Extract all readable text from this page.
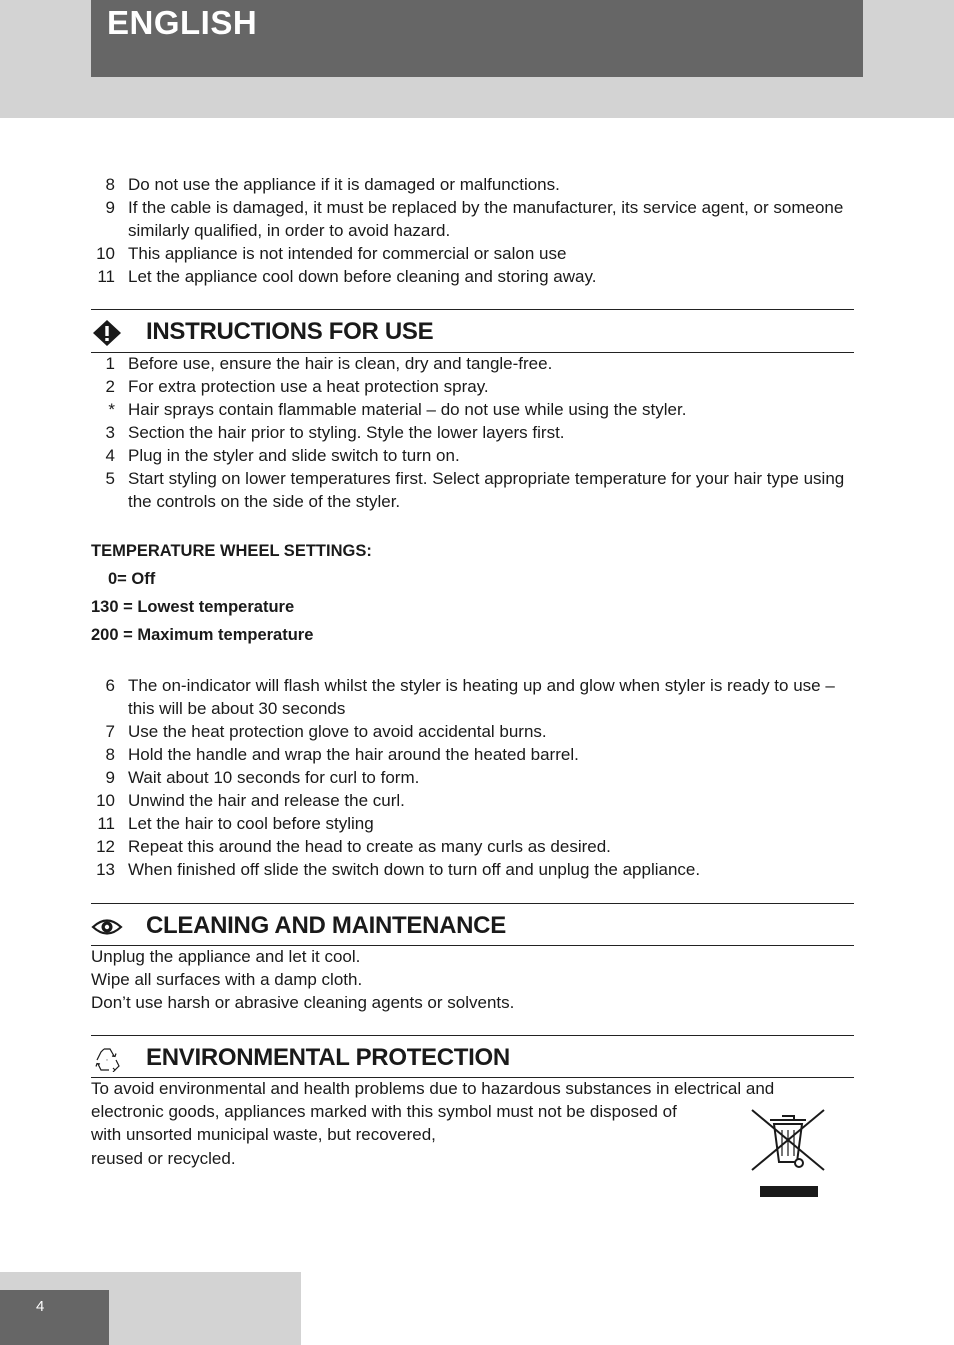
ENGLISH
8 Do not use the appliance if it is damaged or malfunctions.
9 If the cable is damaged, it must be replaced by the manufacturer, its service agent, or someone similarly qualified, in order to avoid hazard.
10 This appliance is not intended for commercial or salon use
11 Let the appliance cool down before cleaning and storing away.
INSTRUCTIONS FOR USE
1 Before use, ensure the hair is clean, dry and tangle-free.
2 For extra protection use a heat protection spray.
* Hair sprays contain flammable material – do not use while using the styler.
3 Section the hair prior to styling. Style the lower layers first.
4 Plug in the styler and slide switch to turn on.
5 Start styling on lower temperatures first. Select appropriate temperature for your hair type using the controls on the side of the styler.
TEMPERATURE WHEEL SETTINGS:
0= Off
130 = Lowest temperature
200 = Maximum temperature
6 The on-indicator will flash whilst the styler is heating up and glow when styler is ready to use – this will be about 30 seconds
7 Use the heat protection glove to avoid accidental burns.
8 Hold the handle and wrap the hair around the heated barrel.
9 Wait about 10 seconds for curl to form.
10 Unwind the hair and release the curl.
11 Let the hair to cool before styling
12 Repeat this around the head to create as many curls as desired.
13 When finished off slide the switch down to turn off and unplug the appliance.
CLEANING AND MAINTENANCE
Unplug the appliance and let it cool.
Wipe all surfaces with a damp cloth.
Don’t use harsh or abrasive cleaning agents or solvents.
ENVIRONMENTAL PROTECTION
To avoid environmental and health problems due to hazardous substances in electrical and
electronic goods, appliances marked with this symbol must not be disposed of
with unsorted municipal waste, but recovered,
reused or recycled.
4
